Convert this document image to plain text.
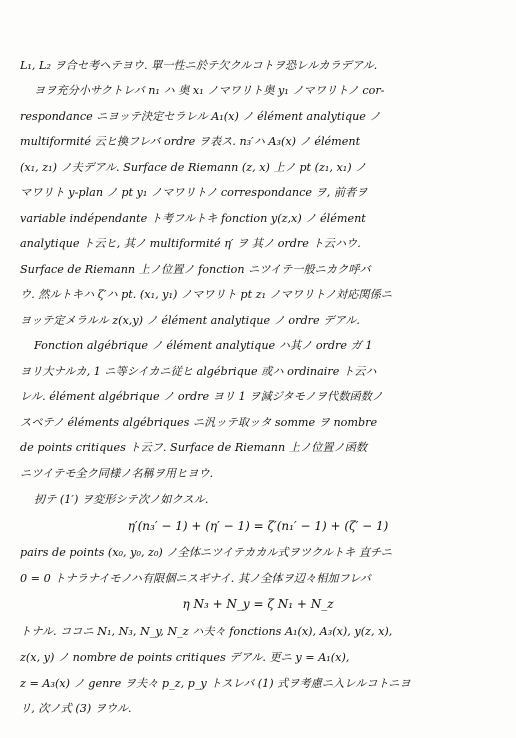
L₁, L₂ ヲ合セ考ヘテヨウ. 單一性ニ於テ欠クルコトヲ恐レルカラデアル.
ヨヲ充分小サクトレバ n₁ ハ 奥 x₁ ノマワリト奥 y₁ ノマワリトノ cor-
respondance ニヨッテ決定セラレル A₁(x) ノ élément analytique ノ
multiformité 云ヒ換フレバ ordre ヲ表ス. n₃′ハ A₃(x) ノ élément
(x₁, z₁) ノ夫デアル. Surface de Riemann (z, x) 上ノ pt (z₁, x₁) ノ
マワリト y-plan ノ pt y₁ ノマワリトノ correspondance ヲ, 前者ヲ
variable indépendante ト考フルトキ fonction y(z,x) ノ élément
analytique ト云ヒ, 其ノ multiformité η′ ヲ 其ノ ordre ト云ハウ.
Surface de Riemann 上ノ位置ノ fonction ニツイテ一般ニカク呼バ
ウ. 然ルトキハ ζ′ハ pt. (x₁, y₁) ノマワリト pt z₁ ノマワリトノ対応関係ニ
ヨッテ定メラルル z(x,y) ノ élément analytique ノ ordre デアル.
Fonction algébrique ノ élément analytique ハ其ノ ordre ガ 1
ヨリ大ナルカ, 1 ニ等シイカニ従ヒ algébrique 或ハ ordinaire ト云ハ
レル. élément algébrique ノ ordre ヨリ 1 ヲ減ジタモノヲ代数函数ノ
スベテノ éléments algébriques ニ汎ッテ取ッタ somme ヲ nombre
de points critiques ト云フ. Surface de Riemann 上ノ位置ノ函数
ニツイテモ全ク同様ノ名稱ヲ用ヒヨウ.
扨テ (1′) ヲ変形シテ次ノ如クスル.
η′(n₃′ − 1) + (η′ − 1) = ζ′(n₁′ − 1) + (ζ′ − 1)
pairs de points (x₀, y₀, z₀) ノ全体ニツイテカカル式ヲツクルトキ 直チニ
0 = 0 トナラナイモノハ有限個ニスギナイ. 其ノ全体ヲ辺々相加フレバ
η N₃ + N_y = ζ N₁ + N_z
トナル. ココニ N₁, N₃, N_y, N_z ハ夫々 fonctions A₁(x), A₃(x), y(z, x),
z(x, y) ノ nombre de points critiques デアル. 更ニ y = A₁(x),
z = A₃(x) ノ genre ヲ夫々 p_z, p_y トスレバ (1) 式ヲ考慮ニ入レルコトニヨ
リ, 次ノ式 (3) ヲウル.
